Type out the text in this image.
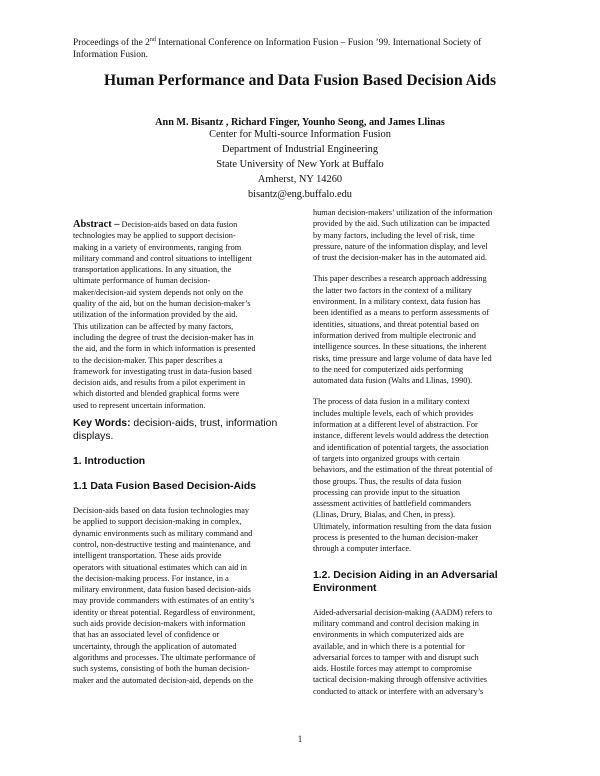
Proceedings of the 2nd International Conference on Information Fusion – Fusion ’99. International Society of
Information Fusion.
Human Performance and Data Fusion Based Decision Aids
Ann M. Bisantz , Richard Finger, Younho Seong, and James Llinas
Center for Multi-source Information Fusion
Department of Industrial Engineering
State University of New York at Buffalo
Amherst, NY 14260
bisantz@eng.buffalo.edu

Abstract – Decision-aids based on data fusion
technologies may be applied to support decision-
making in a variety of environments, ranging from
military command and control situations to intelligent
transportation applications. In any situation, the
ultimate performance of human decision-
maker/decision-aid system depends not only on the
quality of the aid, but on the human decision-maker’s
utilization of the information provided by the aid.
This utilization can be affected by many factors,
including the degree of trust the decision-maker has in
the aid, and the form in which information is presented
to the decision-maker. This paper describes a
framework for investigating trust in data-fusion based
decision aids, and results from a pilot experiment in
which distorted and blended graphical forms were
used to represent uncertain information.

Key Words: decision-aids, trust, information
displays.

1. Introduction
1.1 Data Fusion Based Decision-Aids

Decision-aids based on data fusion technologies may
be applied to support decision-making in complex,
dynamic environments such as military command and
control, non-destructive testing and maintenance, and
intelligent transportation. These aids provide
operators with situational estimates which can aid in
the decision-making process. For instance, in a
military environment, data fusion based decision-aids
may provide commanders with estimates of an entity’s
identity or threat potential. Regardless of environment,
such aids provide decision-makers with information
that has an associated level of confidence or
uncertainty, through the application of automated
algorithms and processes. The ultimate performance of
such systems, consisting of both the human decision-
maker and the automated decision-aid, depends on the

human decision-makers’ utilization of the information
provided by the aid. Such utilization can be impacted
by many factors, including the level of risk, time
pressure, nature of the information display, and level
of trust the decision-maker has in the automated aid.

This paper describes a research approach addressing
the latter two factors in the context of a military
environment. In a military context, data fusion has
been identified as a means to perform assessments of
identities, situations, and threat potential based on
information derived from multiple electronic and
intelligence sources. In these situations, the inherent
risks, time pressure and large volume of data have led
to the need for computerized aids performing
automated data fusion (Walts and Llinas, 1990).

The process of data fusion in a military context
includes multiple levels, each of which provides
information at a different level of abstraction. For
instance, different levels would address the detection
and identification of potential targets, the association
of targets into organized groups with certain
behaviors, and the estimation of the threat potential of
those groups. Thus, the results of data fusion
processing can provide input to the situation
assessment activities of battlefield commanders
(Llinas, Drury, Bialas, and Chen, in press).
Ultimately, information resulting from the data fusion
process is presented to the human decision-maker
through a computer interface.

1.2. Decision Aiding in an Adversarial
Environment

Aided-adversarial decision-making (AADM) refers to
military command and control decision making in
environments in which computerized aids are
available, and in which there is a potential for
adversarial forces to tamper with and disrupt such
aids. Hostile forces may attempt to compromise
tactical decision-making through offensive activities
conducted to attack or interfere with an adversary’s

1
